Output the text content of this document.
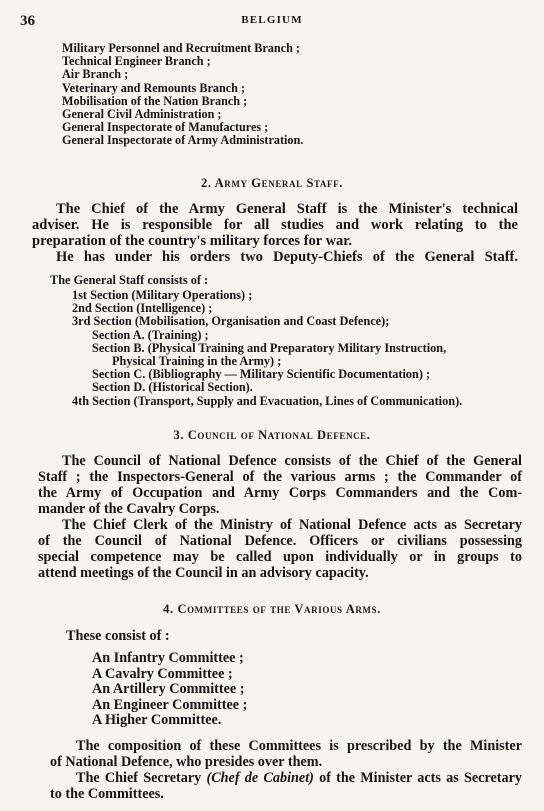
36	BELGIUM
Military Personnel and Recruitment Branch ;
Technical Engineer Branch ;
Air Branch ;
Veterinary and Remounts Branch ;
Mobilisation of the Nation Branch ;
General Civil Administration ;
General Inspectorate of Manufactures ;
General Inspectorate of Army Administration.
2. Army General Staff.

The Chief of the Army General Staff is the Minister's technical
adviser. He is responsible for all studies and work relating to the
preparation of the country's military forces for war.

He has under his orders two Deputy-Chiefs of the General Staff.

The General Staff consists of :
1st Section (Military Operations) ;
2nd Section (Intelligence) ;
3rd Section (Mobilisation, Organisation and Coast Defence);
Section A. (Training) ;
Section B. (Physical Training and Preparatory Military Instruction,
Physical Training in the Army) ;
Section C. (Bibliography — Military Scientific Documentation) ;
Section D. (Historical Section).
4th Section (Transport, Supply and Evacuation, Lines of Communication).
3. Council of National Defence.

The Council of National Defence consists of the Chief of the General
Staff ; the Inspectors-General of the various arms ; the Commander of
the Army of Occupation and Army Corps Commanders and the Com-
mander of the Cavalry Corps.

The Chief Clerk of the Ministry of National Defence acts as Secretary
of the Council of National Defence. Officers or civilians possessing
special competence may be called upon individually or in groups to
attend meetings of the Council in an advisory capacity.

4. Committees of the Various Arms.
These consist of :
An Infantry Committee ;
A Cavalry Committee ;
An Artillery Committee ;
An Engineer Committee ;
A Higher Committee.

The composition of these Committees is prescribed by the Minister
of National Defence, who presides over them.

The Chief Secretary (Chef de Cabinet) of the Minister acts as Secretary
to the Committees.
